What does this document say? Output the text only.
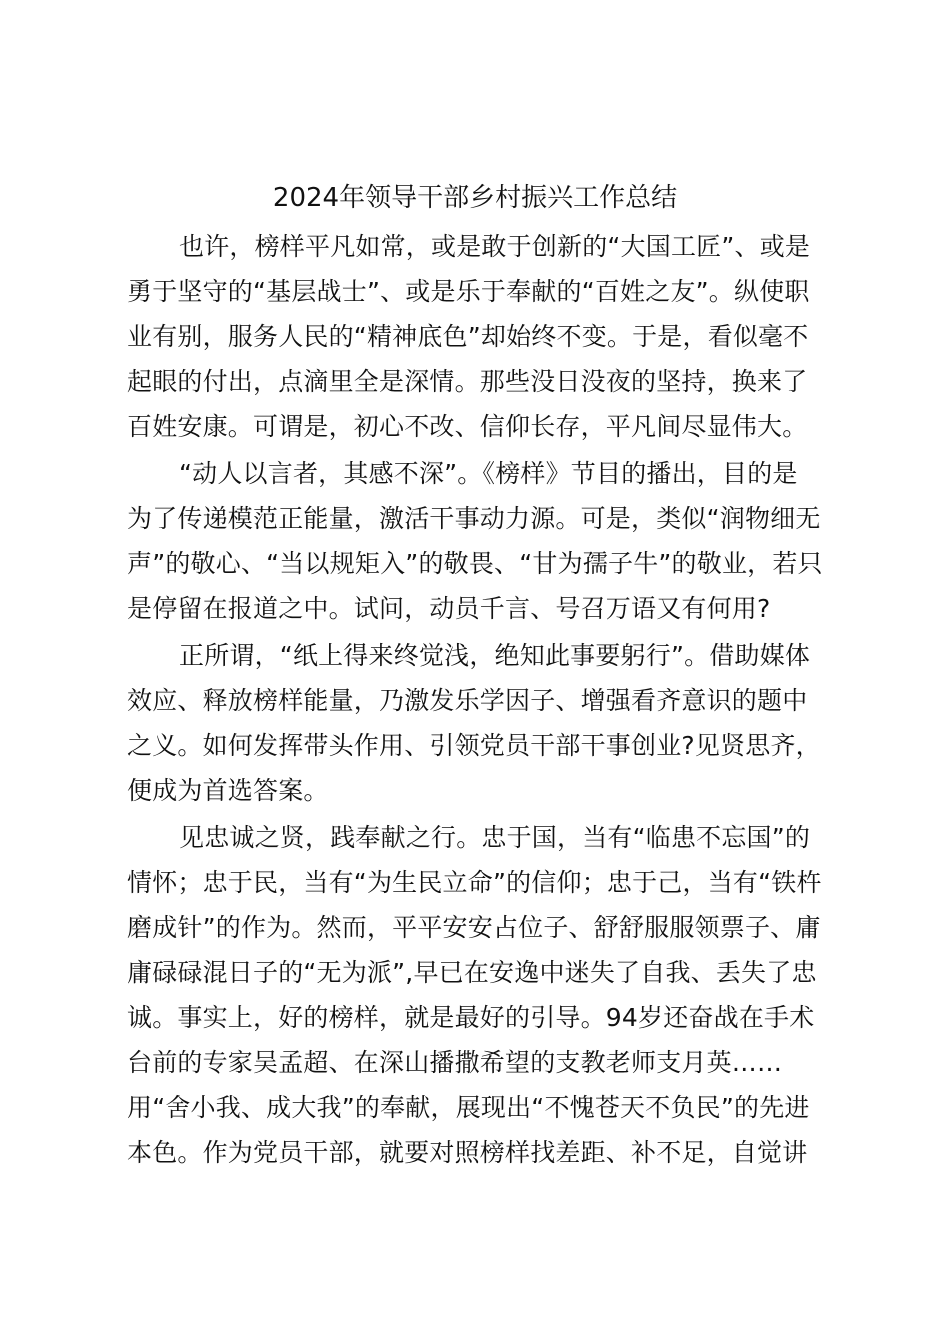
2024年领导干部乡村振兴工作总结
也许，榜样平凡如常，或是敢于创新的“大国工匠”、或是
勇于坚守的“基层战士”、或是乐于奉献的“百姓之友”。纵使职
业有别，服务人民的“精神底色”却始终不变。于是，看似毫不
起眼的付出，点滴里全是深情。那些没日没夜的坚持，换来了
百姓安康。可谓是，初心不改、信仰长存，平凡间尽显伟大。
“动人以言者，其感不深”。《榜样》节目的播出，目的是
为了传递模范正能量，激活干事动力源。可是，类似“润物细无
声”的敬心、“当以规矩入”的敬畏、“甘为孺子牛”的敬业，若只
是停留在报道之中。试问，动员千言、号召万语又有何用?
正所谓，“纸上得来终觉浅，绝知此事要躬行”。借助媒体
效应、释放榜样能量，乃激发乐学因子、增强看齐意识的题中
之义。如何发挥带头作用、引领党员干部干事创业?见贤思齐，
便成为首选答案。
见忠诚之贤，践奉献之行。忠于国，当有“临患不忘国”的
情怀；忠于民，当有“为生民立命”的信仰；忠于己，当有“铁杵
磨成针”的作为。然而，平平安安占位子、舒舒服服领票子、庸
庸碌碌混日子的“无为派”,早已在安逸中迷失了自我、丢失了忠
诚。事实上，好的榜样，就是最好的引导。94岁还奋战在手术
台前的专家吴孟超、在深山播撒希望的支教老师支月英……
用“舍小我、成大我”的奉献，展现出“不愧苍天不负民”的先进
本色。作为党员干部，就要对照榜样找差距、补不足，自觉讲
